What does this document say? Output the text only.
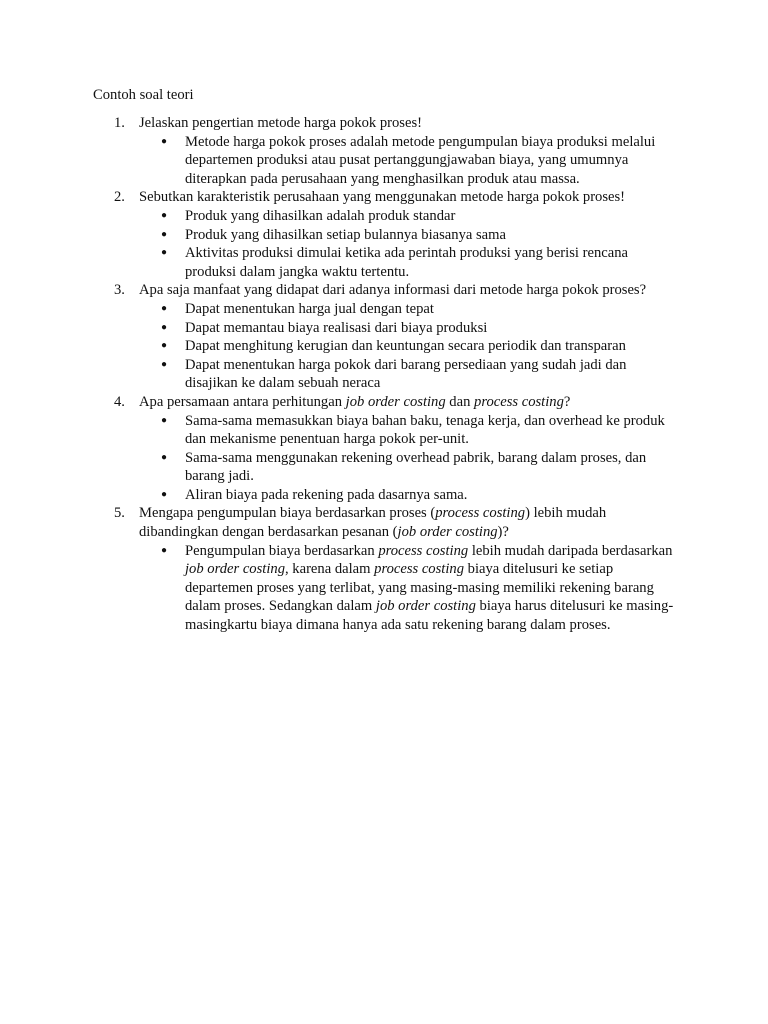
Contoh soal teori
1. Jelaskan pengertian metode harga pokok proses!
● Metode harga pokok proses adalah metode pengumpulan biaya produksi melalui departemen produksi atau pusat pertanggungjawaban biaya, yang umumnya diterapkan pada perusahaan yang menghasilkan produk atau massa.
2. Sebutkan karakteristik perusahaan yang menggunakan metode harga pokok proses!
● Produk yang dihasilkan adalah produk standar
● Produk yang dihasilkan setiap bulannya biasanya sama
● Aktivitas produksi dimulai ketika ada perintah produksi yang berisi rencana produksi dalam jangka waktu tertentu.
3. Apa saja manfaat yang didapat dari adanya informasi dari metode harga pokok proses?
● Dapat menentukan harga jual dengan tepat
● Dapat memantau biaya realisasi dari biaya produksi
● Dapat menghitung kerugian dan keuntungan secara periodik dan transparan
● Dapat menentukan harga pokok dari barang persediaan yang sudah jadi dan disajikan ke dalam sebuah neraca
4. Apa persamaan antara perhitungan job order costing dan process costing?
● Sama-sama memasukkan biaya bahan baku, tenaga kerja, dan overhead ke produk dan mekanisme penentuan harga pokok per-unit.
● Sama-sama menggunakan rekening overhead pabrik, barang dalam proses, dan barang jadi.
● Aliran biaya pada rekening pada dasarnya sama.
5. Mengapa pengumpulan biaya berdasarkan proses (process costing) lebih mudah dibandingkan dengan berdasarkan pesanan (job order costing)?
● Pengumpulan biaya berdasarkan process costing lebih mudah daripada berdasarkan job order costing, karena dalam process costing biaya ditelusuri ke setiap departemen proses yang terlibat, yang masing-masing memiliki rekening barang dalam proses. Sedangkan dalam job order costing biaya harus ditelusuri ke masing-masingkartu biaya dimana hanya ada satu rekening barang dalam proses.
